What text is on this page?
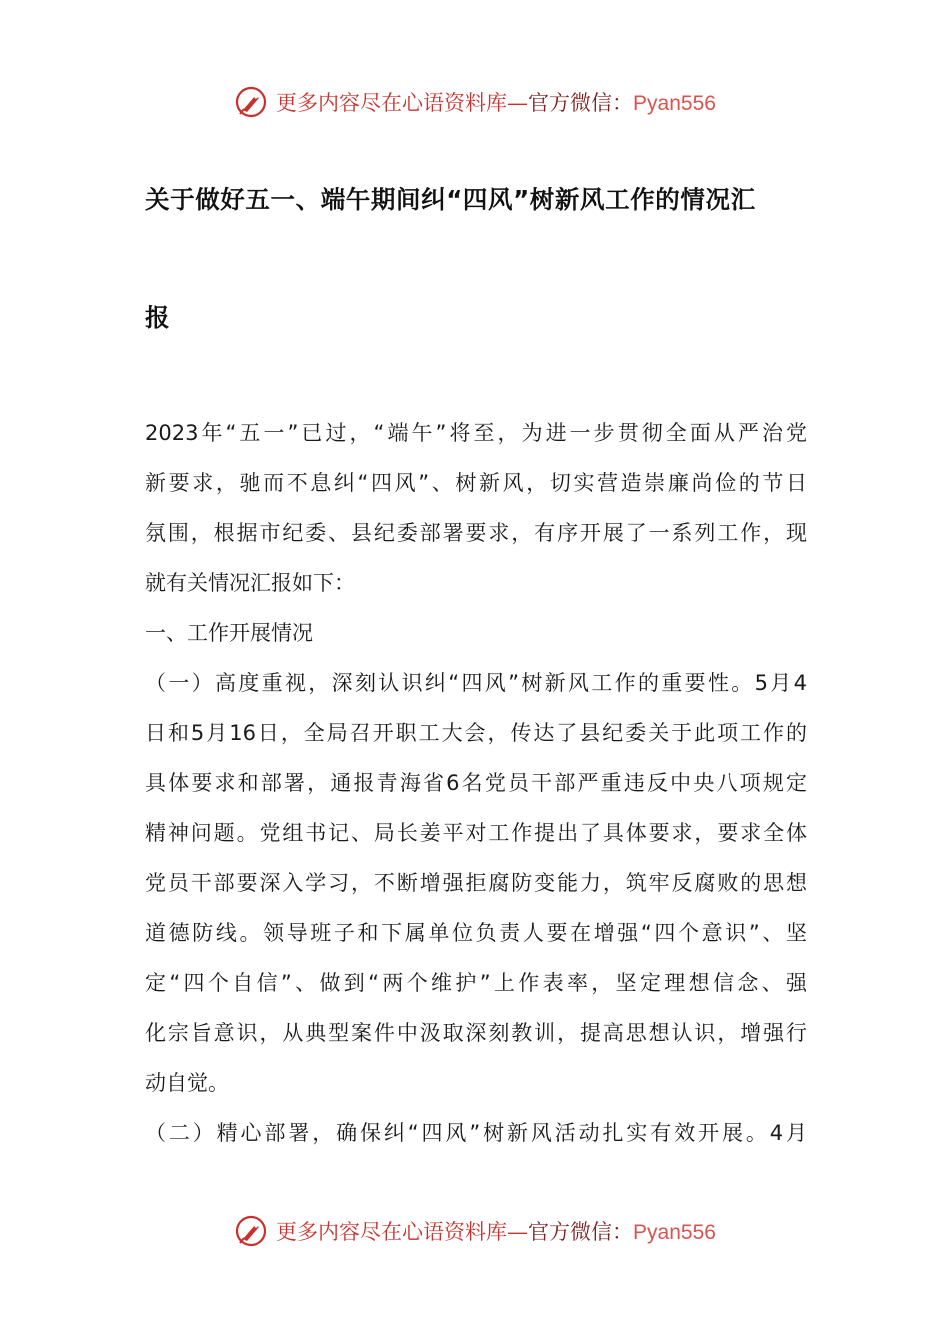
更多内容尽在心语资料库—官方微信：Pyan556
关于做好五一、端午期间纠“四风”树新风工作的情况汇
报
2023年“五一”已过，“端午”将至，为进一步贯彻全面从严治党
新要求，驰而不息纠“四风”、树新风，切实营造崇廉尚俭的节日
氛围，根据市纪委、县纪委部署要求，有序开展了一系列工作，现
就有关情况汇报如下：
一、工作开展情况
（一）高度重视，深刻认识纠“四风”树新风工作的重要性。5月4
日和5月16日，全局召开职工大会，传达了县纪委关于此项工作的
具体要求和部署，通报青海省6名党员干部严重违反中央八项规定
精神问题。党组书记、局长姜平对工作提出了具体要求，要求全体
党员干部要深入学习，不断增强拒腐防变能力，筑牢反腐败的思想
道德防线。领导班子和下属单位负责人要在增强“四个意识”、坚
定“四个自信”、做到“两个维护”上作表率，坚定理想信念、强
化宗旨意识，从典型案件中汲取深刻教训，提高思想认识，增强行
动自觉。
（二）精心部署，确保纠“四风”树新风活动扎实有效开展。4月
更多内容尽在心语资料库—官方微信：Pyan556
